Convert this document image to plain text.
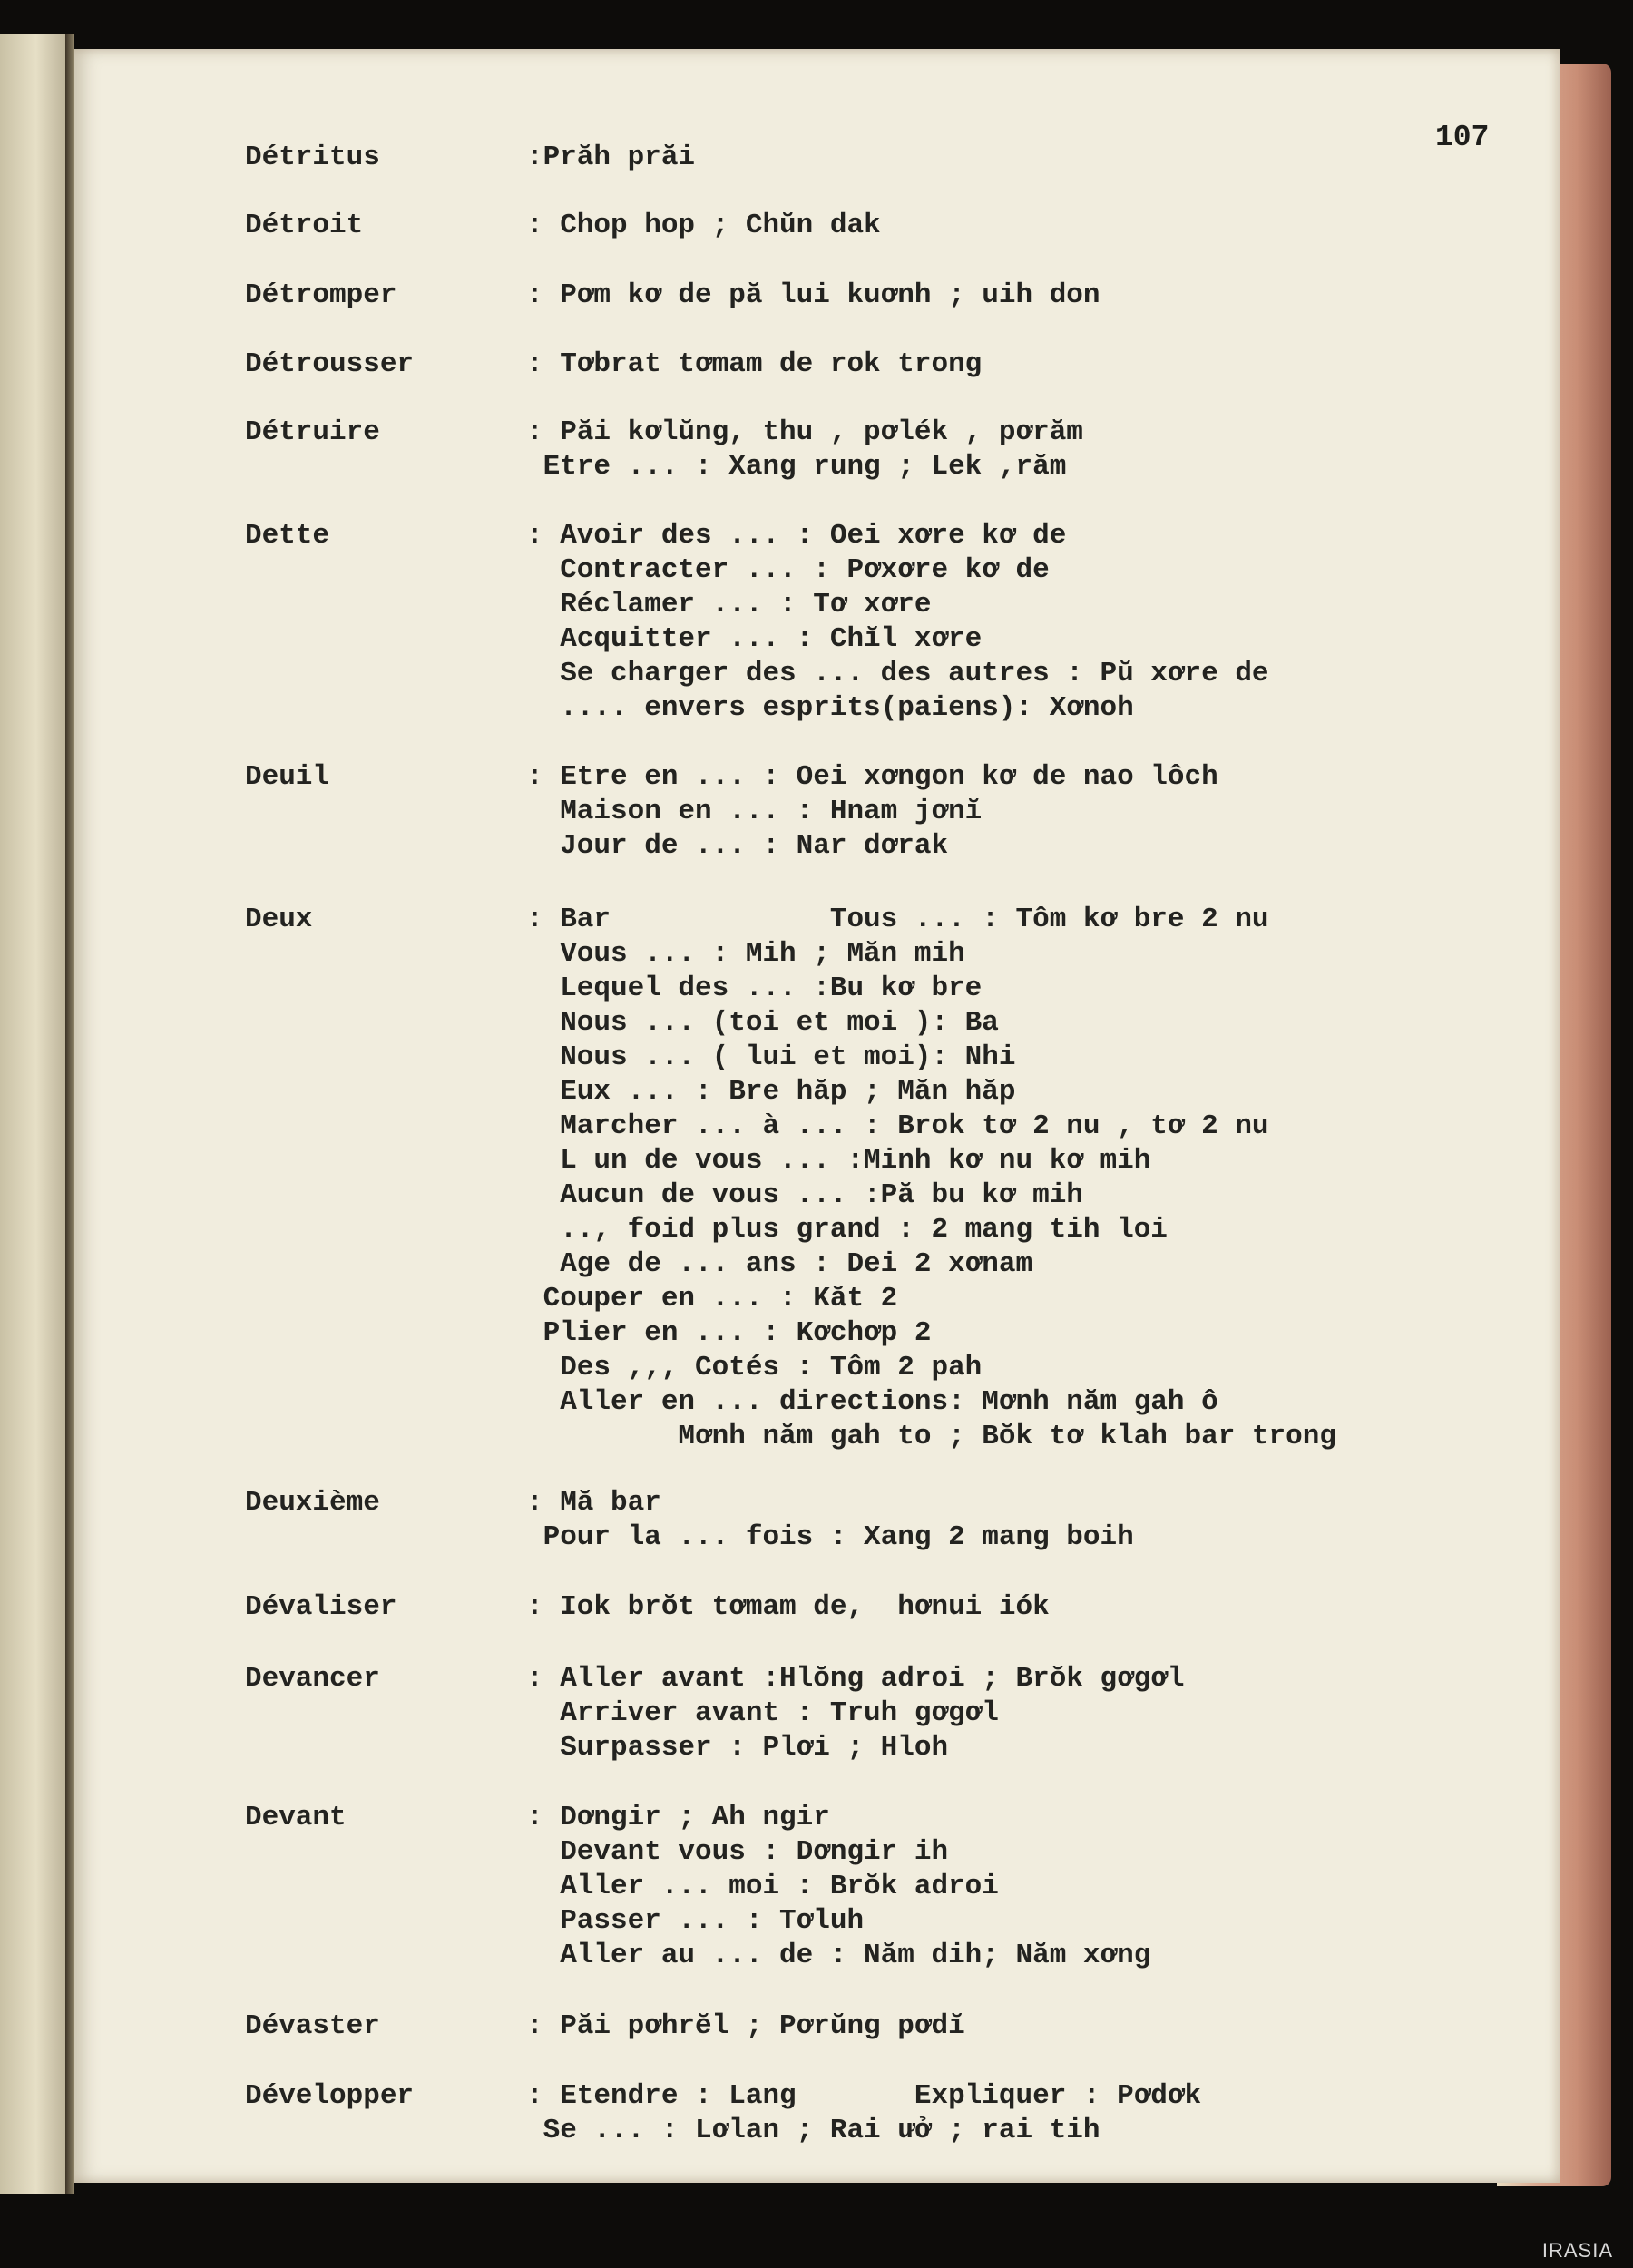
107
Détritus	:Prăh prăi
Détroit	: Chop hop ; Chŭn dak
Détromper	: Pơm kơ de pă lui kuơnh ; uih don
Détrousser	: Tơbrat tơmam de rok trong
Détruire	: Păi kơlŭng, thu , pơlék , pơrăm
Etre ... : Xang rung ; Lek ,răm
Dette	: Avoir des ... : Oei xơre kơ de
Contracter ... : Pơxơre kơ de
Réclamer ... : Tơ xơre
Acquitter ... : Chĭl xơre
Se charger des ... des autres : Pŭ xơre de
.... envers esprits(paiens): Xơnoh
Deuil	: Etre en ... : Oei xơngon kơ de nao lôch
Maison en ... : Hnam jơnĭ
Jour de ... : Nar dơrak
Deux	: Bar             Tous ... : Tôm kơ bre 2 nu
Vous ... : Mih ; Măn mih
Lequel des ... :Bu kơ bre
Nous ... (toi et moi ): Ba
Nous ... ( lui et moi): Nhi
Eux ... : Bre hăp ; Măn hăp
Marcher ... à ... : Brok tơ 2 nu , tơ 2 nu
L un de vous ... :Minh kơ nu kơ mih
Aucun de vous ... :Pă bu kơ mih
.., foid plus grand : 2 mang tih loi
Age de ... ans : Dei 2 xơnam
Couper en ... : Kăt 2
Plier en ... : Kơchơp 2
Des ,,, Cotés : Tôm 2 pah
Aller en ... directions: Mơnh năm gah ô
Mơnh năm gah to ; Bŏk tơ klah bar trong
Deuxième	: Mă bar
Pour la ... fois : Xang 2 mang boih
Dévaliser	: Iok brŏt tơmam de,  hơnui iók
Devancer	: Aller avant :Hlŏng adroi ; Brŏk gơgơl
Arriver avant : Truh gơgơl
Surpasser : Plơi ; Hloh
Devant	: Dơngir ; Ah ngir
Devant vous : Dơngir ih
Aller ... moi : Brŏk adroi
Passer ... : Tơluh
Aller au ... de : Năm dih; Năm xơng
Dévaster	: Păi pơhrĕl ; Pơrŭng pơdĭ
Développer	: Etendre : Lang       Expliquer : Pơdơk
Se ... : Lơlan ; Rai ưở ; rai tih
IRASIA
